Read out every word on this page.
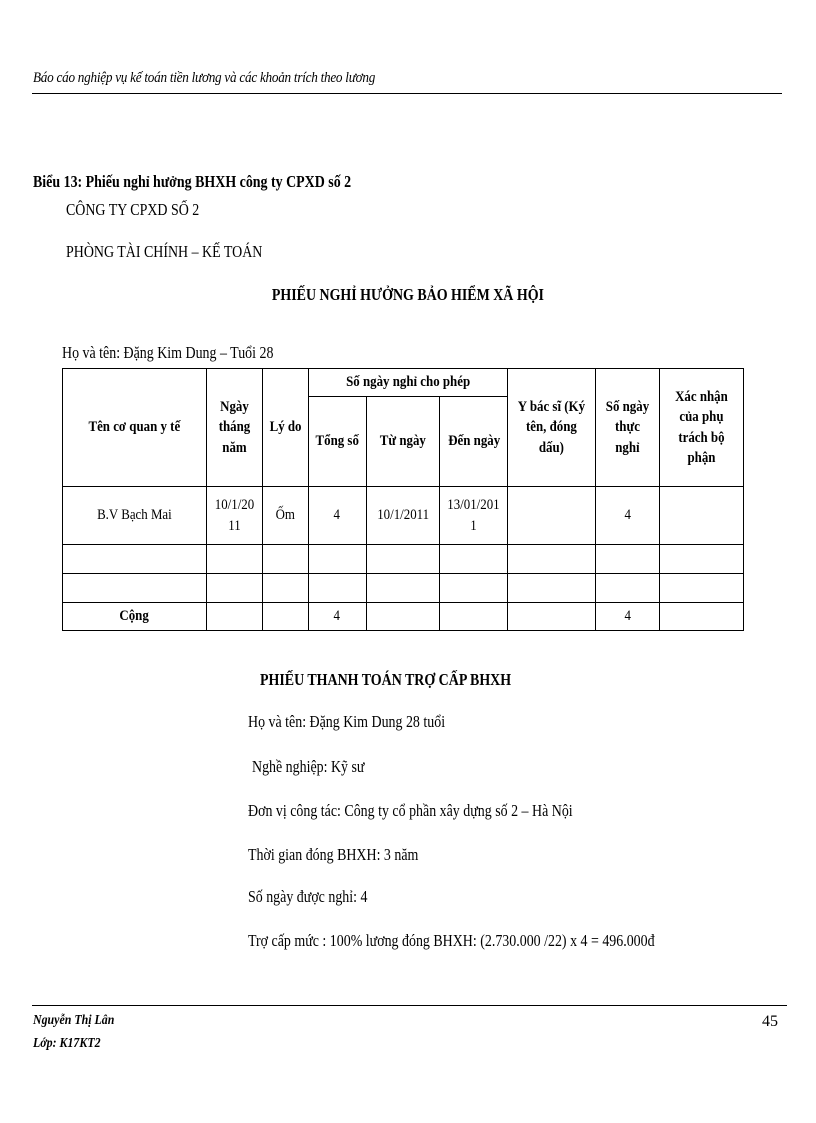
Báo cáo nghiệp vụ kế toán tiền lương và các khoản trích theo lương
Biểu 13: Phiếu nghỉ hưởng BHXH công ty CPXD số 2
CÔNG TY CPXD SỐ 2
PHÒNG TÀI CHÍNH – KẾ TOÁN
PHIẾU NGHỈ HƯỞNG BẢO HIỂM XÃ HỘI
Họ và tên: Đặng Kim Dung – Tuổi 28
Tên cơ quan y tế	Ngày tháng năm	Lý do	Số ngày nghỉ cho phép			Y bác sĩ (Ký tên, đóng dấu)	Số ngày thực nghỉ	Xác nhận của phụ trách bộ phận
			Tổng số	Từ ngày	Đến ngày			
B.V Bạch Mai	10/1/2011	Ốm	4	10/1/2011	13/01/2011		4	

Cộng			4				4	
PHIẾU THANH TOÁN TRỢ CẤP BHXH
Họ và tên: Đặng Kim Dung 28 tuổi
Nghề nghiệp: Kỹ sư
Đơn vị công tác: Công ty cổ phần xây dựng số 2 – Hà Nội
Thời gian đóng BHXH: 3 năm
Số ngày được nghỉ: 4
Trợ cấp mức : 100% lương đóng BHXH: (2.730.000 /22) x 4 = 496.000đ
Nguyễn Thị Lân
Lớp: K17KT2
45
